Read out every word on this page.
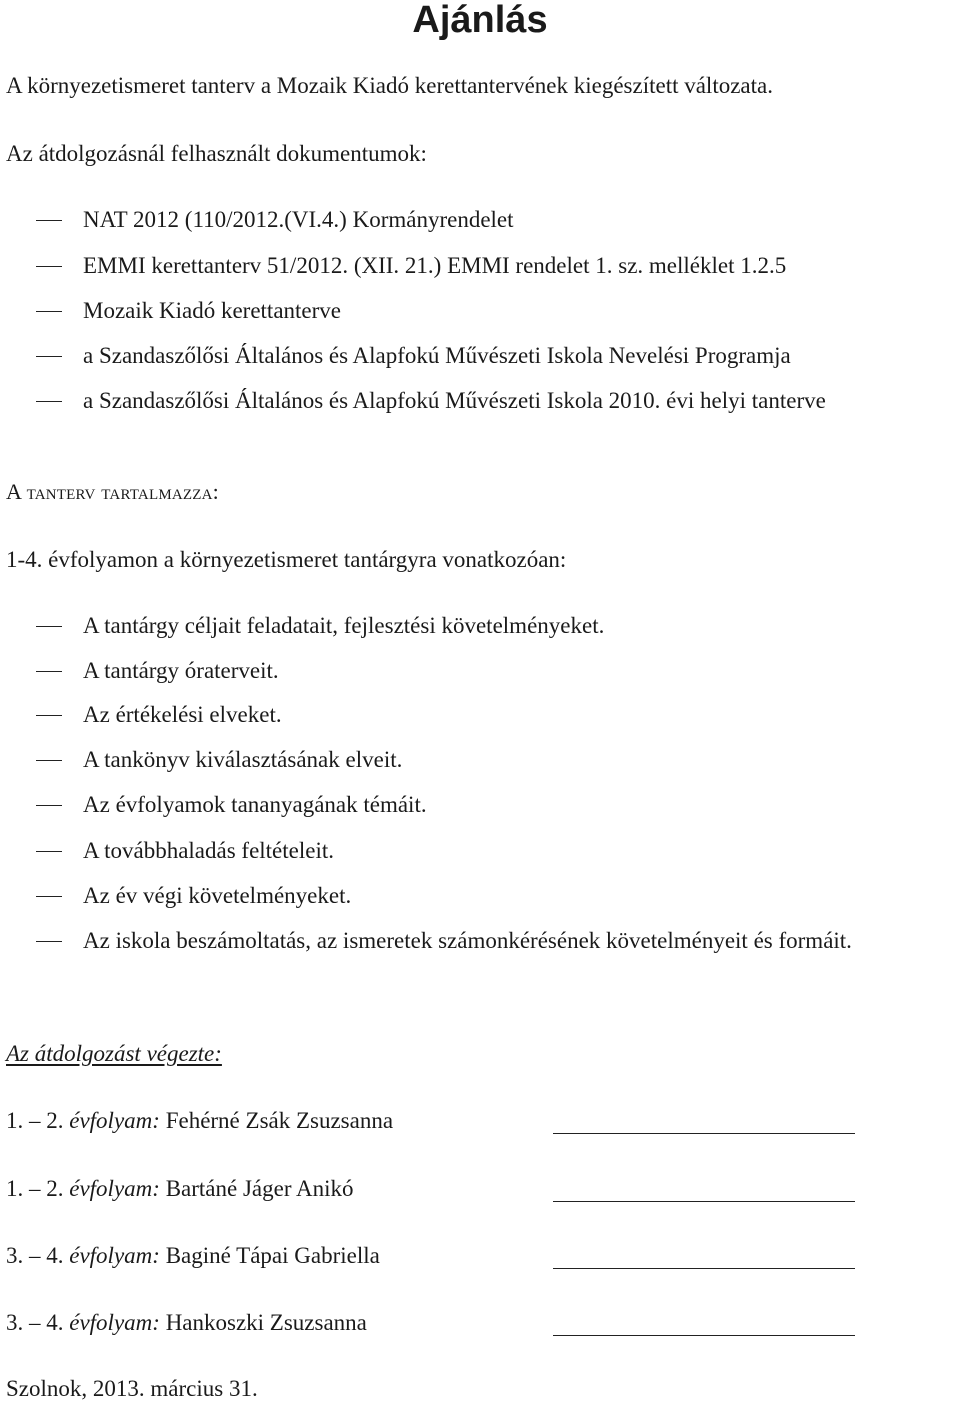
Ajánlás
A környezetismeret tanterv a Mozaik Kiadó kerettantervének kiegészített változata.
Az átdolgozásnál felhasznált dokumentumok:
NAT 2012 (110/2012.(VI.4.) Kormányrendelet
EMMI kerettanterv 51/2012. (XII. 21.) EMMI rendelet 1. sz. melléklet 1.2.5
Mozaik Kiadó kerettanterve
a Szandaszőlősi Általános és Alapfokú Művészeti Iskola Nevelési Programja
a Szandaszőlősi Általános és Alapfokú Művészeti Iskola 2010. évi helyi tanterve
A tanterv tartalmazza:
1-4. évfolyamon a környezetismeret tantárgyra vonatkozóan:
A tantárgy céljait feladatait, fejlesztési követelményeket.
A tantárgy óraterveit.
Az értékelési elveket.
A tankönyv kiválasztásának elveit.
Az évfolyamok tananyagának témáit.
A továbbhaladás feltételeit.
Az év végi követelményeket.
Az iskola beszámoltatás, az ismeretek számonkérésének követelményeit és formáit.
Az átdolgozást végezte:
1. – 2. évfolyam: Fehérné Zsák Zsuzsanna
1. – 2. évfolyam: Bartáné Jáger Anikó
3. – 4. évfolyam: Baginé Tápai Gabriella
3. – 4. évfolyam: Hankoszki Zsuzsanna
Szolnok, 2013. március 31.
